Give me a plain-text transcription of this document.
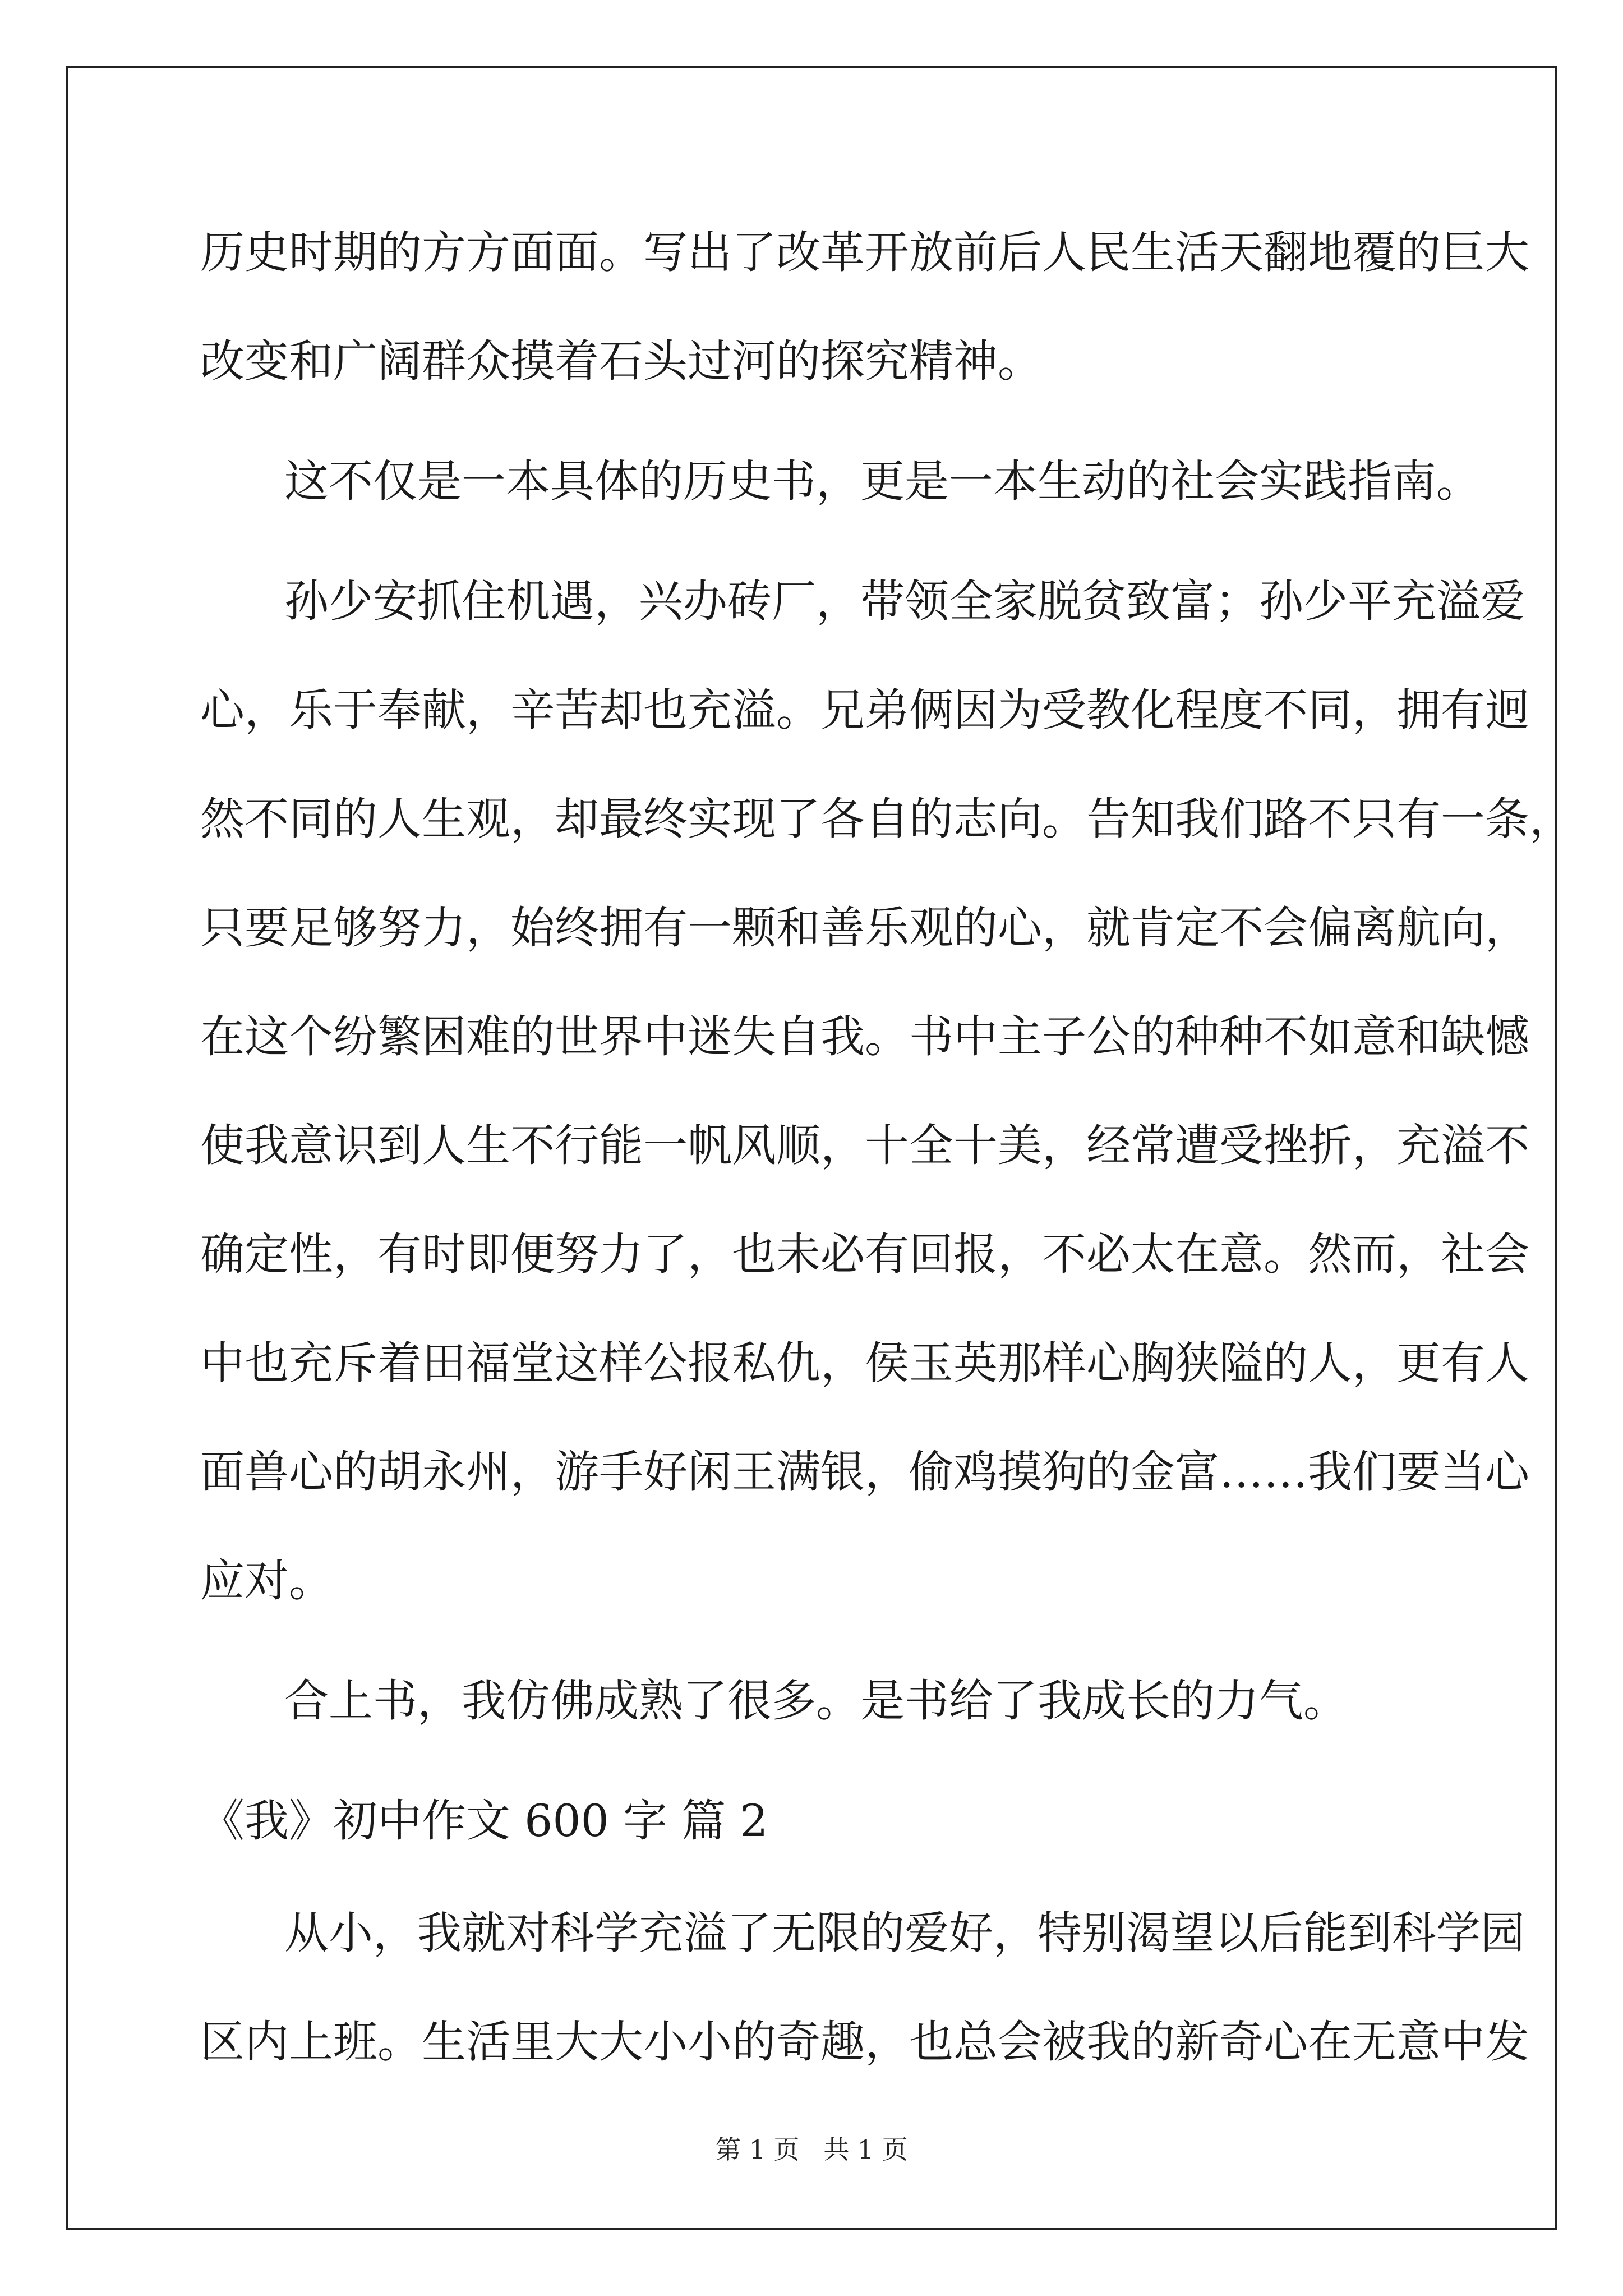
历史时期的方方面面。写出了改革开放前后人民生活天翻地覆的巨大
改变和广阔群众摸着石头过河的探究精神。
这不仅是一本具体的历史书，更是一本生动的社会实践指南。
孙少安抓住机遇，兴办砖厂，带领全家脱贫致富；孙少平充溢爱
心，乐于奉献，辛苦却也充溢。兄弟俩因为受教化程度不同，拥有迥
然不同的人生观，却最终实现了各自的志向。告知我们路不只有一条，
只要足够努力，始终拥有一颗和善乐观的心，就肯定不会偏离航向，
在这个纷繁困难的世界中迷失自我。书中主子公的种种不如意和缺憾
使我意识到人生不行能一帆风顺，十全十美，经常遭受挫折，充溢不
确定性，有时即便努力了，也未必有回报，不必太在意。然而，社会
中也充斥着田福堂这样公报私仇，侯玉英那样心胸狭隘的人，更有人
面兽心的胡永州，游手好闲王满银，偷鸡摸狗的金富……我们要当心
应对。
合上书，我仿佛成熟了很多。是书给了我成长的力气。
《我》初中作文 600 字 篇 2
从小，我就对科学充溢了无限的爱好，特别渴望以后能到科学园
区内上班。生活里大大小小的奇趣，也总会被我的新奇心在无意中发
第 1 页 共 1 页
